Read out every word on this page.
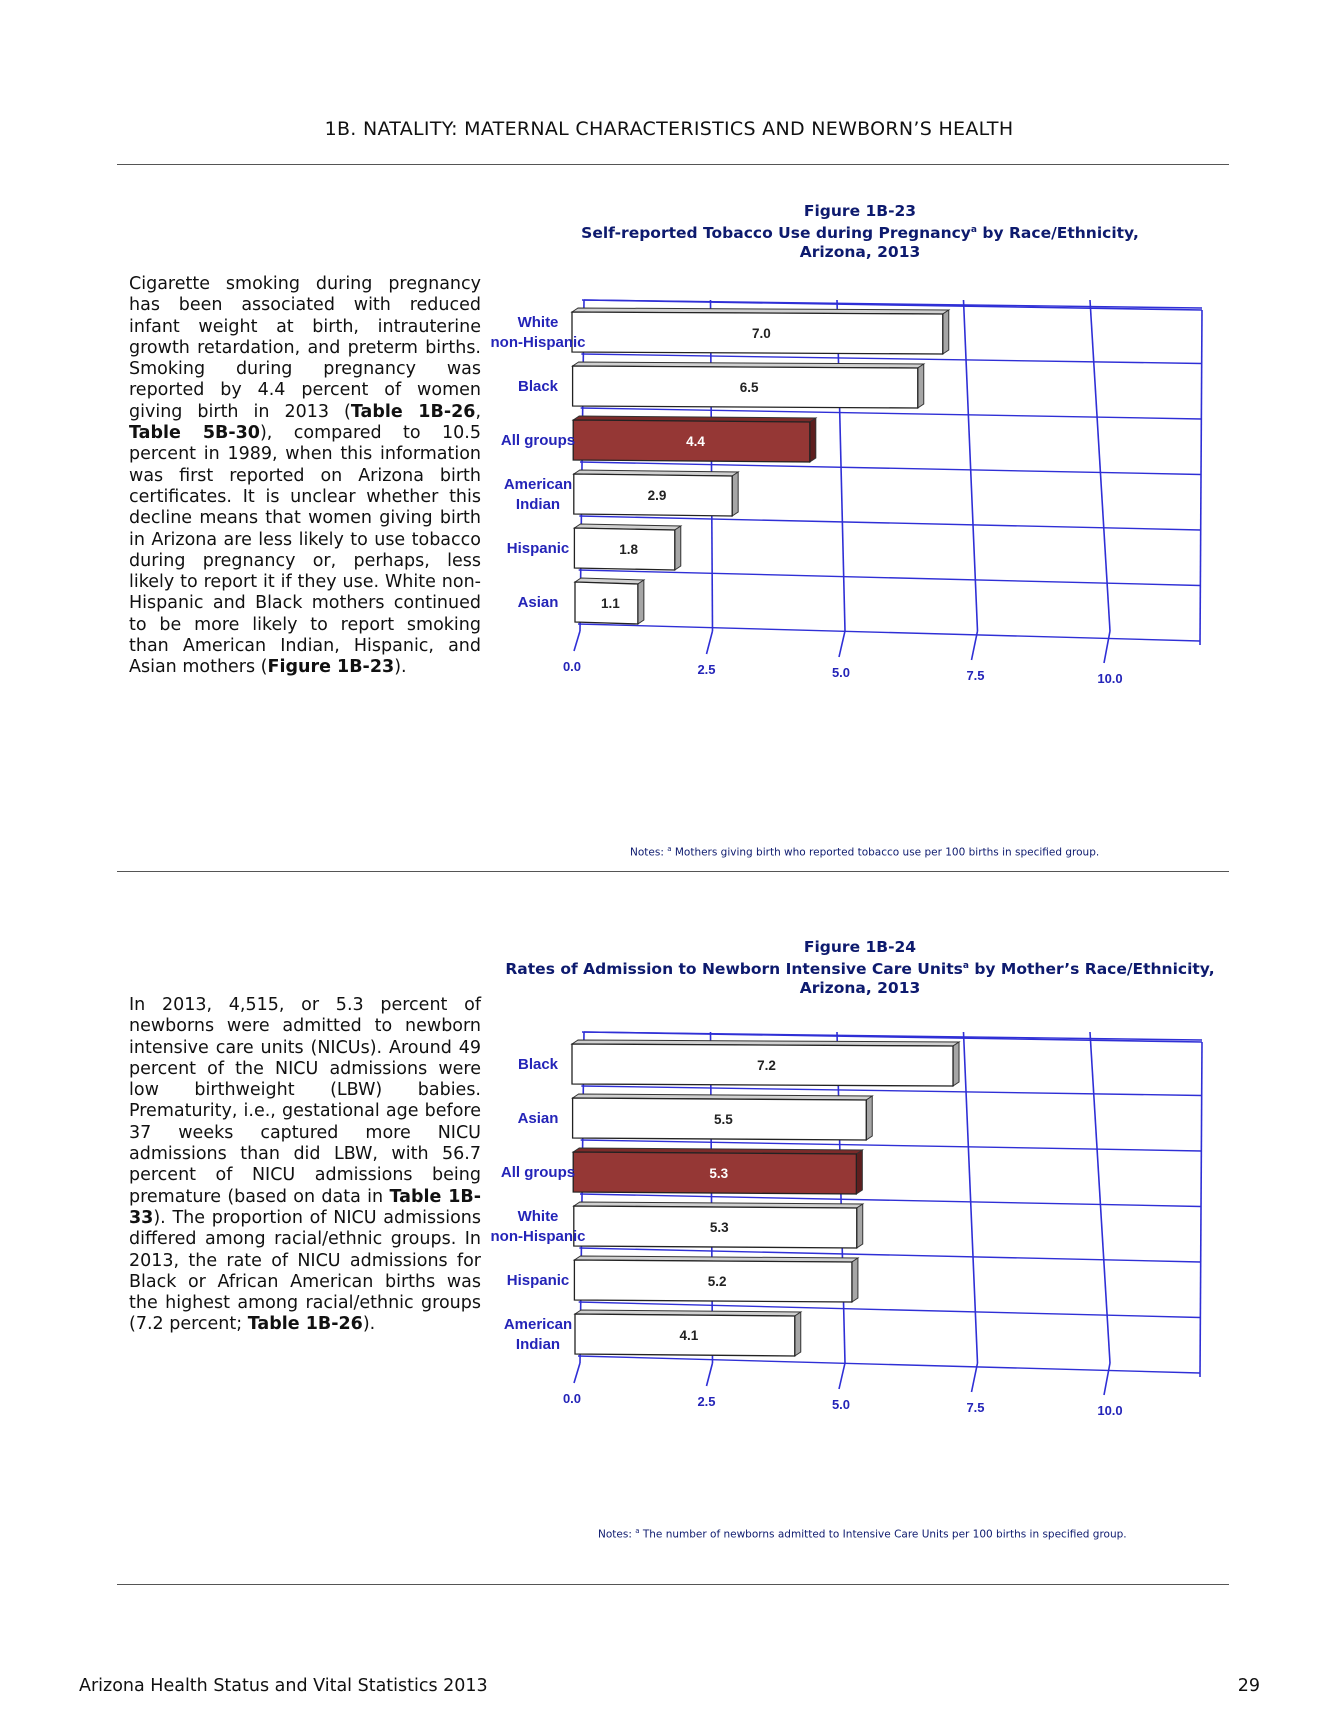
1B. NATALITY: MATERNAL CHARACTERISTICS AND NEWBORN’S HEALTH
Cigarette smoking during pregnancy has been associated with reduced infant weight at birth, intrauterine growth retardation, and preterm births. Smoking during pregnancy was reported by 4.4 percent of women giving birth in 2013 (Table 1B-26, Table 5B-30), compared to 10.5 percent in 1989, when this information was first reported on Arizona birth certificates. It is unclear whether this decline means that women giving birth in Arizona are less likely to use tobacco during pregnancy or, perhaps, less likely to report it if they use. White non-Hispanic and Black mothers continued to be more likely to report smoking than American Indian, Hispanic, and Asian mothers (Figure 1B-23).
Figure 1B-23
Self-reported Tobacco Use during Pregnancy$^a$ by Race/Ethnicity,
Arizona, 2013
0.0	2.5	5.0	7.5	10.0
7.0
White
non-Hispanic
6.5
Black
4.4
All groups
2.9
American
Indian
1.8
Hispanic
1.1
Asian
Notes: $^a$ Mothers giving birth who reported tobacco use per 100 births in specified group.
In 2013, 4,515, or 5.3 percent of newborns were admitted to newborn intensive care units (NICUs). Around 49 percent of the NICU admissions were low birthweight (LBW) babies. Prematurity, i.e., gestational age before 37 weeks captured more NICU admissions than did LBW, with 56.7 percent of NICU admissions being premature (based on data in Table 1B-33). The proportion of NICU admissions differed among racial/ethnic groups. In 2013, the rate of NICU admissions for Black or African American births was the highest among racial/ethnic groups (7.2 percent; Table 1B-26).
Figure 1B-24
Rates of Admission to Newborn Intensive Care Units$^a$ by Mother’s Race/Ethnicity,
Arizona, 2013
0.0	2.5	5.0	7.5	10.0
7.2
Black
5.5
Asian
5.3
All groups
5.3
White
non-Hispanic
5.2
Hispanic
4.1
American
Indian
Notes: $^a$ The number of newborns admitted to Intensive Care Units per 100 births in specified group.
Arizona Health Status and Vital Statistics 2013	29
